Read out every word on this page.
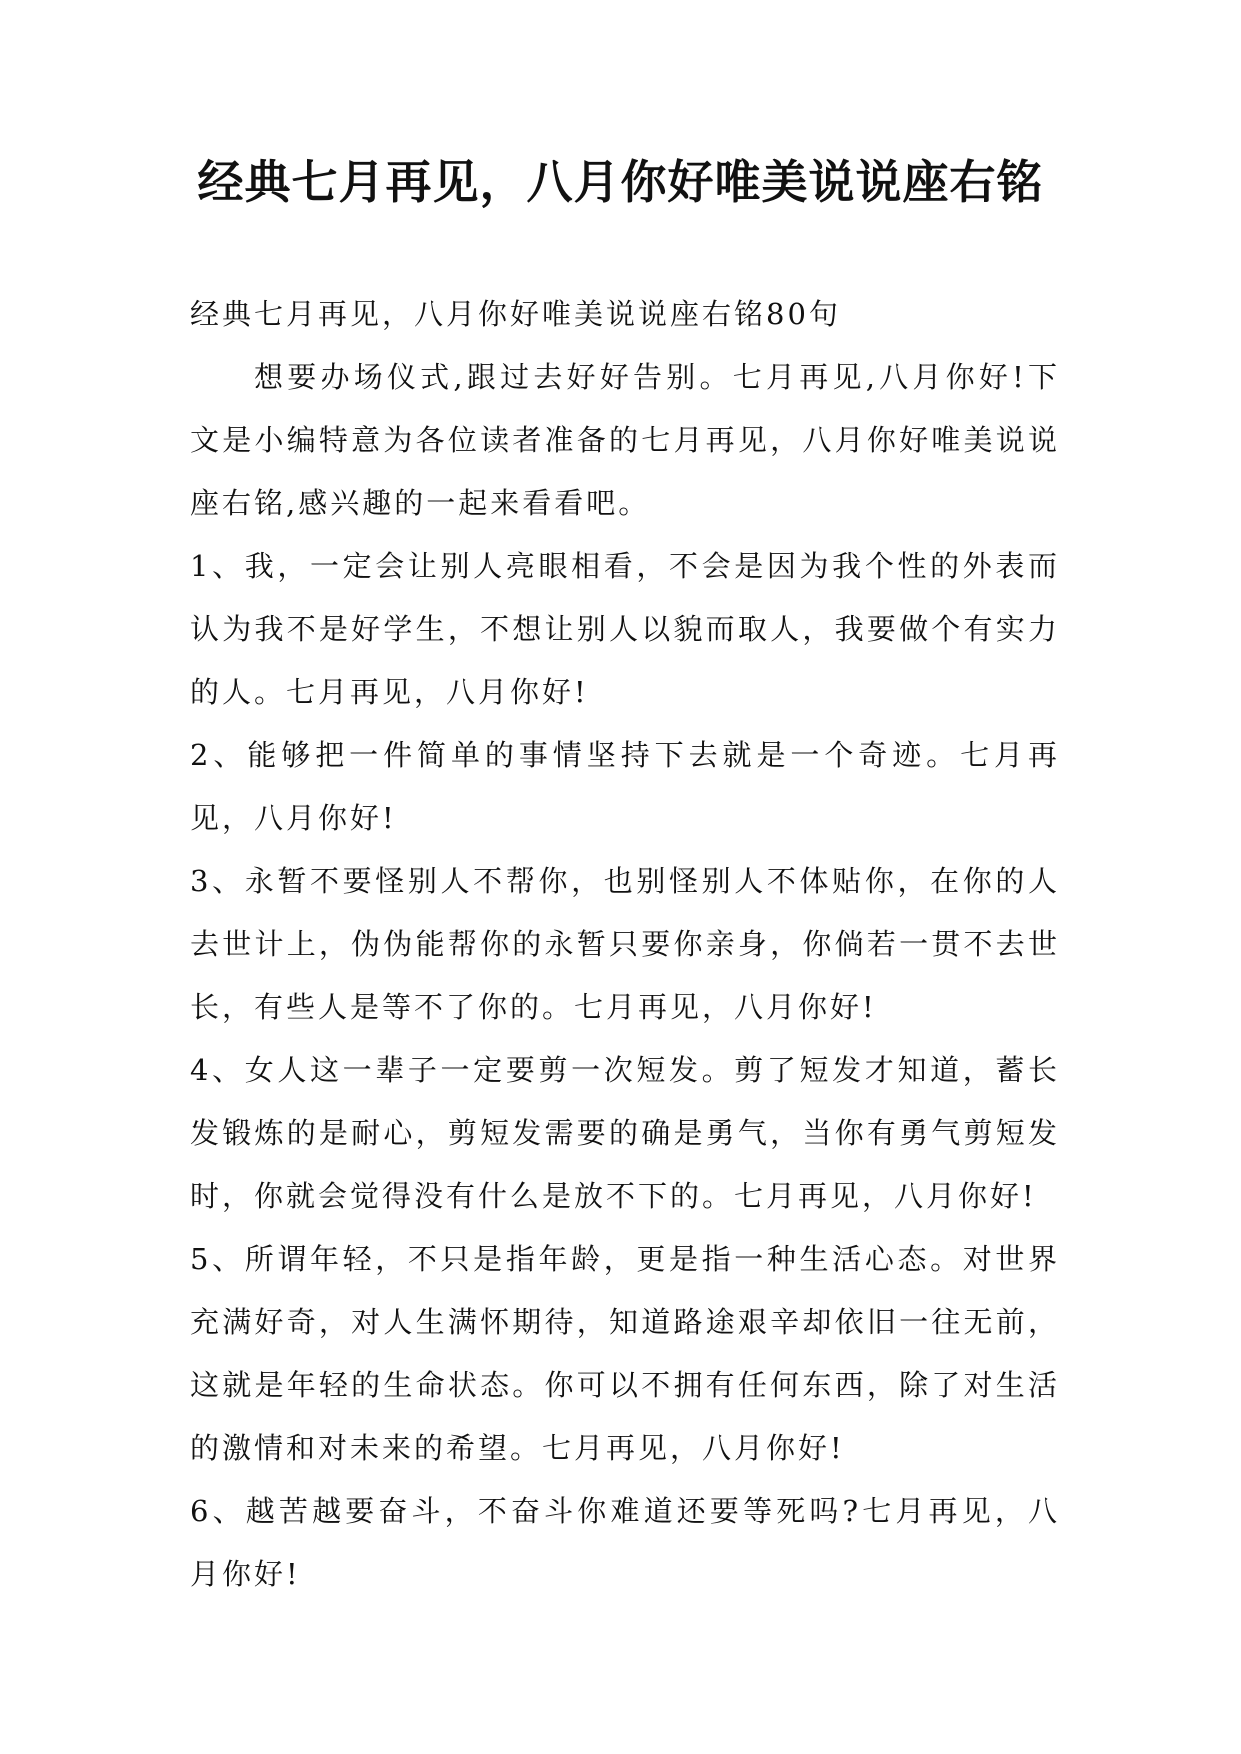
经典七月再见，八月你好唯美说说座右铭

经典七月再见，八月你好唯美说说座右铭80句

想要办场仪式,跟过去好好告别。七月再见,八月你好!下文是小编特意为各位读者准备的七月再见，八月你好唯美说说座右铭,感兴趣的一起来看看吧。

1、我，一定会让别人亮眼相看，不会是因为我个性的外表而认为我不是好学生，不想让别人以貌而取人，我要做个有实力的人。七月再见，八月你好!

2、能够把一件简单的事情坚持下去就是一个奇迹。七月再见，八月你好!

3、永暂不要怪别人不帮你，也别怪别人不体贴你，在你的人去世计上，伪伪能帮你的永暂只要你亲身，你倘若一贯不去世长，有些人是等不了你的。七月再见，八月你好!

4、女人这一辈子一定要剪一次短发。剪了短发才知道，蓄长发锻炼的是耐心，剪短发需要的确是勇气，当你有勇气剪短发时，你就会觉得没有什么是放不下的。七月再见，八月你好!

5、所谓年轻，不只是指年龄，更是指一种生活心态。对世界充满好奇，对人生满怀期待，知道路途艰辛却依旧一往无前，这就是年轻的生命状态。你可以不拥有任何东西，除了对生活的激情和对未来的希望。七月再见，八月你好!

6、越苦越要奋斗，不奋斗你难道还要等死吗?七月再见，八月你好!
